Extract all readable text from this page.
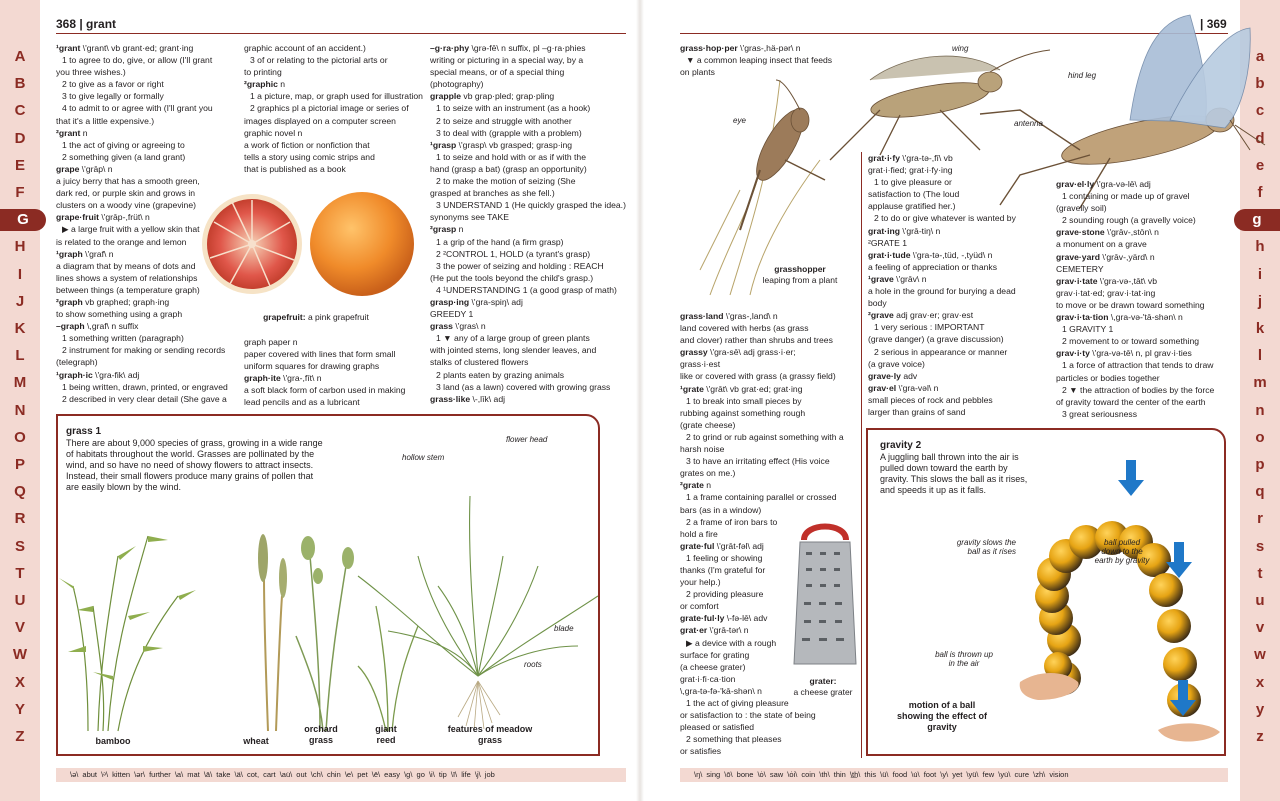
A
B
C
D
E
F
G
H
I
J
K
L
M
N
O
P
Q
R
S
T
U
V
W
X
Y
Z
a
b
c
d
e
f
g
h
i
j
k
l
m
n
o
p
q
r
s
t
u
v
w
x
y
z
368 | grant

¹grant \'grant\ vb grant·ed; grant·ing

1 to agree to do, give, or allow (I'll grant

you three wishes.)

2 to give as a favor or right

3 to give legally or formally

4 to admit to or agree with (I'll grant you

that it's a little expensive.)

²grant n

1 the act of giving or agreeing to

2 something given (a land grant)

grape \'grāp\ n

a juicy berry that has a smooth green,

dark red, or purple skin and grows in

clusters on a woody vine (grapevine)

grape·fruit \'grāp-,früt\ n

▶ a large fruit with a yellow skin that

is related to the orange and lemon

¹graph \'graf\ n

a diagram that by means of dots and

lines shows a system of relationships

between things (a temperature graph)

²graph vb graphed; graph·ing

to show something using a graph

–graph \,graf\ n suffix

1 something written (paragraph)

2 instrument for making or sending records

(telegraph)

¹graph·ic \'gra-fik\ adj

1 being written, drawn, printed, or engraved

2 described in very clear detail (She gave a

graphic account of an accident.)

3 of or relating to the pictorial arts or

to printing

²graphic n

1 a picture, map, or graph used for illustration

2 graphics pl a pictorial image or series of

images displayed on a computer screen

graphic novel n

a work of fiction or nonfiction that

tells a story using comic strips and

that is published as a book

grapefruit: a pink grapefruit

graph paper n

paper covered with lines that form small

uniform squares for drawing graphs

graph·ite \'gra-,fīt\ n

a soft black form of carbon used in making

lead pencils and as a lubricant

–g·ra·phy \grə-fē\ n suffix, pl –g·ra·phies

writing or picturing in a special way, by a

special means, or of a special thing

(photography)

grapple vb grap·pled; grap·pling

1 to seize with an instrument (as a hook)

2 to seize and struggle with another

3 to deal with (grapple with a problem)

¹grasp \'grasp\ vb grasped; grasp·ing

1 to seize and hold with or as if with the

hand (grasp a bat) (grasp an opportunity)

2 to make the motion of seizing (She

grasped at branches as she fell.)

3 UNDERSTAND 1 (He quickly grasped the idea.)

synonyms see TAKE

²grasp n

1 a grip of the hand (a firm grasp)

2 ²CONTROL 1, HOLD (a tyrant's grasp)

3 the power of seizing and holding : REACH

(He put the tools beyond the child's grasp.)

4 ¹UNDERSTANDING 1 (a good grasp of math)

grasp·ing \'gra-spiŋ\ adj

GREEDY 1

grass \'gras\ n

1 ▼ any of a large group of green plants

with jointed stems, long slender leaves, and

stalks of clustered flowers

2 plants eaten by grazing animals

3 land (as a lawn) covered with growing grass

grass·like \-,līk\ adj

grass 1
There are about 9,000 species of grass, growing in a wide range of habitats throughout the world. Grasses are pollinated by the wind, and so have no need of showy flowers to attract insects. Instead, their small flowers produce many grains of pollen that are easily blown by the wind.
hollow stem
flower head
blade
roots
bamboo	wheat
orchard grass
giant reed
features of meadow grass
\ə\ abut \ᵊ\ kitten \ər\ further \a\ mat \ā\ take \ä\ cot, cart \au̇\ out \ch\ chin \e\ pet \ē\ easy \g\ go \i\ tip \ī\ life \j\ job
| 369

grass·hop·per \'gras-,hä-pər\ n

▼ a common leaping insect that feeds

on plants

wing
hind leg
eye	antenna
grasshopper
leaping from a plant

grass·land \'gras-,land\ n

land covered with herbs (as grass

and clover) rather than shrubs and trees

grassy \'gra-sē\ adj grass·i·er;

grass·i·est

like or covered with grass (a grassy field)

¹grate \'grāt\ vb grat·ed; grat·ing

1 to break into small pieces by

rubbing against something rough

(grate cheese)

2 to grind or rub against something with a

harsh noise

3 to have an irritating effect (His voice

grates on me.)

²grate n

1 a frame containing parallel or crossed

bars (as in a window)

2 a frame of iron bars to

hold a fire

grate·ful \'grāt-fəl\ adj

1 feeling or showing

thanks (I'm grateful for

your help.)

2 providing pleasure

or comfort

grate·ful·ly \-fə-lē\ adv

grat·er \'grā-tər\ n

▶ a device with a rough

surface for grating

(a cheese grater)

grat·i·fi·ca·tion

\,gra-tə-fə-'kā-shən\ n

1 the act of giving pleasure

or satisfaction to : the state of being

pleased or satisfied

2 something that pleases

or satisfies

grater:
a cheese grater

grat·i·fy \'gra-tə-,fī\ vb

grat·i·fied; grat·i·fy·ing

1 to give pleasure or

satisfaction to (The loud

applause gratified her.)

2 to do or give whatever is wanted by

grat·ing \'grā-tiŋ\ n

²GRATE 1

grat·i·tude \'gra-tə-,tüd, -,tyüd\ n

a feeling of appreciation or thanks

¹grave \'grāv\ n

a hole in the ground for burying a dead

body

²grave adj grav·er; grav·est

1 very serious : IMPORTANT

(grave danger) (a grave discussion)

2 serious in appearance or manner

(a grave voice)

grave·ly adv

grav·el \'gra-vəl\ n

small pieces of rock and pebbles

larger than grains of sand

grav·el·ly \'gra-və-lē\ adj

1 containing or made up of gravel

(gravelly soil)

2 sounding rough (a gravelly voice)

grave·stone \'grāv-,stōn\ n

a monument on a grave

grave·yard \'grāv-,yärd\ n

CEMETERY

grav·i·tate \'gra-və-,tāt\ vb

grav·i·tat·ed; grav·i·tat·ing

to move or be drawn toward something

grav·i·ta·tion \,gra-və-'tā-shən\ n

1 GRAVITY 1

2 movement to or toward something

grav·i·ty \'gra-və-tē\ n, pl grav·i·ties

1 a force of attraction that tends to draw

particles or bodies together

2 ▼ the attraction of bodies by the force

of gravity toward the center of the earth

3 great seriousness

gravity 2
A juggling ball thrown into the air is pulled down toward the earth by gravity. This slows the ball as it rises, and speeds it up as it falls.
gravity slows the ball as it rises
ball pulled down to the earth by gravity
ball is thrown up in the air
motion of a ball showing the effect of gravity
\ŋ\ sing \ō\ bone \ȯ\ saw \ȯi\ coin \th\ thin \t͟h\ this \ü\ food \u̇\ foot \y\ yet \yü\ few \yu̇\ cure \zh\ vision
